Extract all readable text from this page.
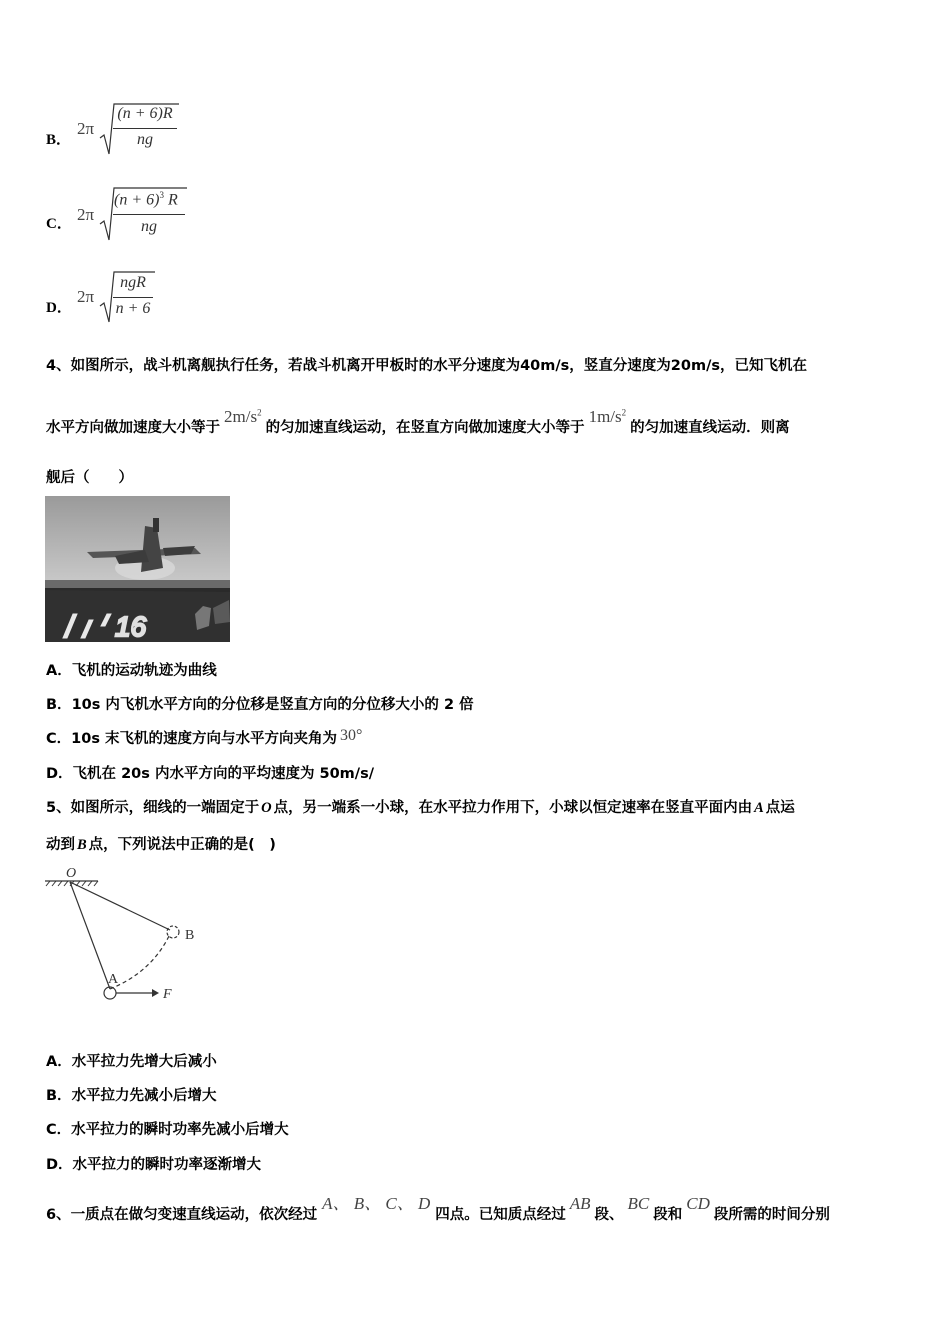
B．
2π
(n + 6)R
ng
C． 2π
$(n + 6)^3$ R
ng
D．
2π
ngR
n + 6
4、如图所示，战斗机离舰执行任务，若战斗机离开甲板时的水平分速度为40m/s，竖直分速度为20m/s，已知飞机在
水平方向做加速度大小等于$2m/s^2$的匀加速直线运动，在竖直方向做加速度大小等于$1m/s^2$的匀加速直线运动．则离
舰后（　　）
16
A．飞机的运动轨迹为曲线
B．10s 内飞机水平方向的分位移是竖直方向的分位移大小的 2 倍
C．10s 末飞机的速度方向与水平方向夹角为 30°
D．飞机在 20s 内水平方向的平均速度为 50m/s/
5、如图所示，细线的一端固定于 O 点，另一端系一小球，在水平拉力作用下，小球以恒定速率在竖直平面内由 A 点运
动到 B 点，下列说法中正确的是(　)
O
A
B
F
A．水平拉力先增大后减小
B．水平拉力先减小后增大
C．水平拉力的瞬时功率先减小后增大
D．水平拉力的瞬时功率逐渐增大
6、一质点在做匀变速直线运动，依次经过A、 B、 C、 D四点。已知质点经过AB段、BC段和CD段所需的时间分别
